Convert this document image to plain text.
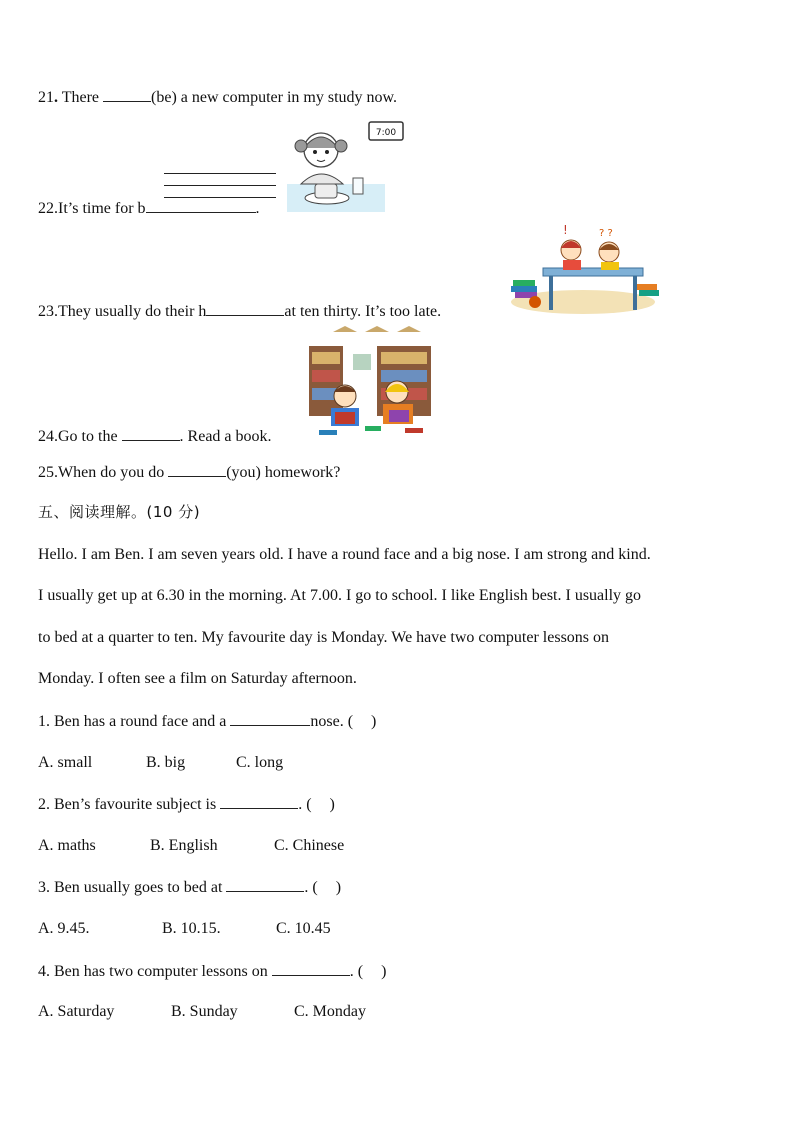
21. There	(be) a new computer in my study now.
22.It’s time for b	.
7:00
23.They usually do their h	at ten thirty. It’s too late.
!	? ?
24.Go to the	. Read a book.
25.When do you do	(you) homework?
五、阅读理解。(10 分)
Hello. I am Ben. I am seven years old. I have a round face and a big nose. I am strong and kind.
I usually get up at 6.30 in the morning. At 7.00. I go to school. I like English best. I usually go
to bed at a quarter to ten. My favourite day is Monday. We have two computer lessons on
Monday. I often see a film on Saturday afternoon.
1. Ben has a round face and a	nose. ( )
A. small	B. big	C. long
2. Ben’s favourite subject is	. ( )
A. maths	B. English	C. Chinese
3. Ben usually goes to bed at	. ( )
A. 9.45.	B. 10.15.	C. 10.45
4. Ben has two computer lessons on	. ( )
A. Saturday	B. Sunday	C. Monday
